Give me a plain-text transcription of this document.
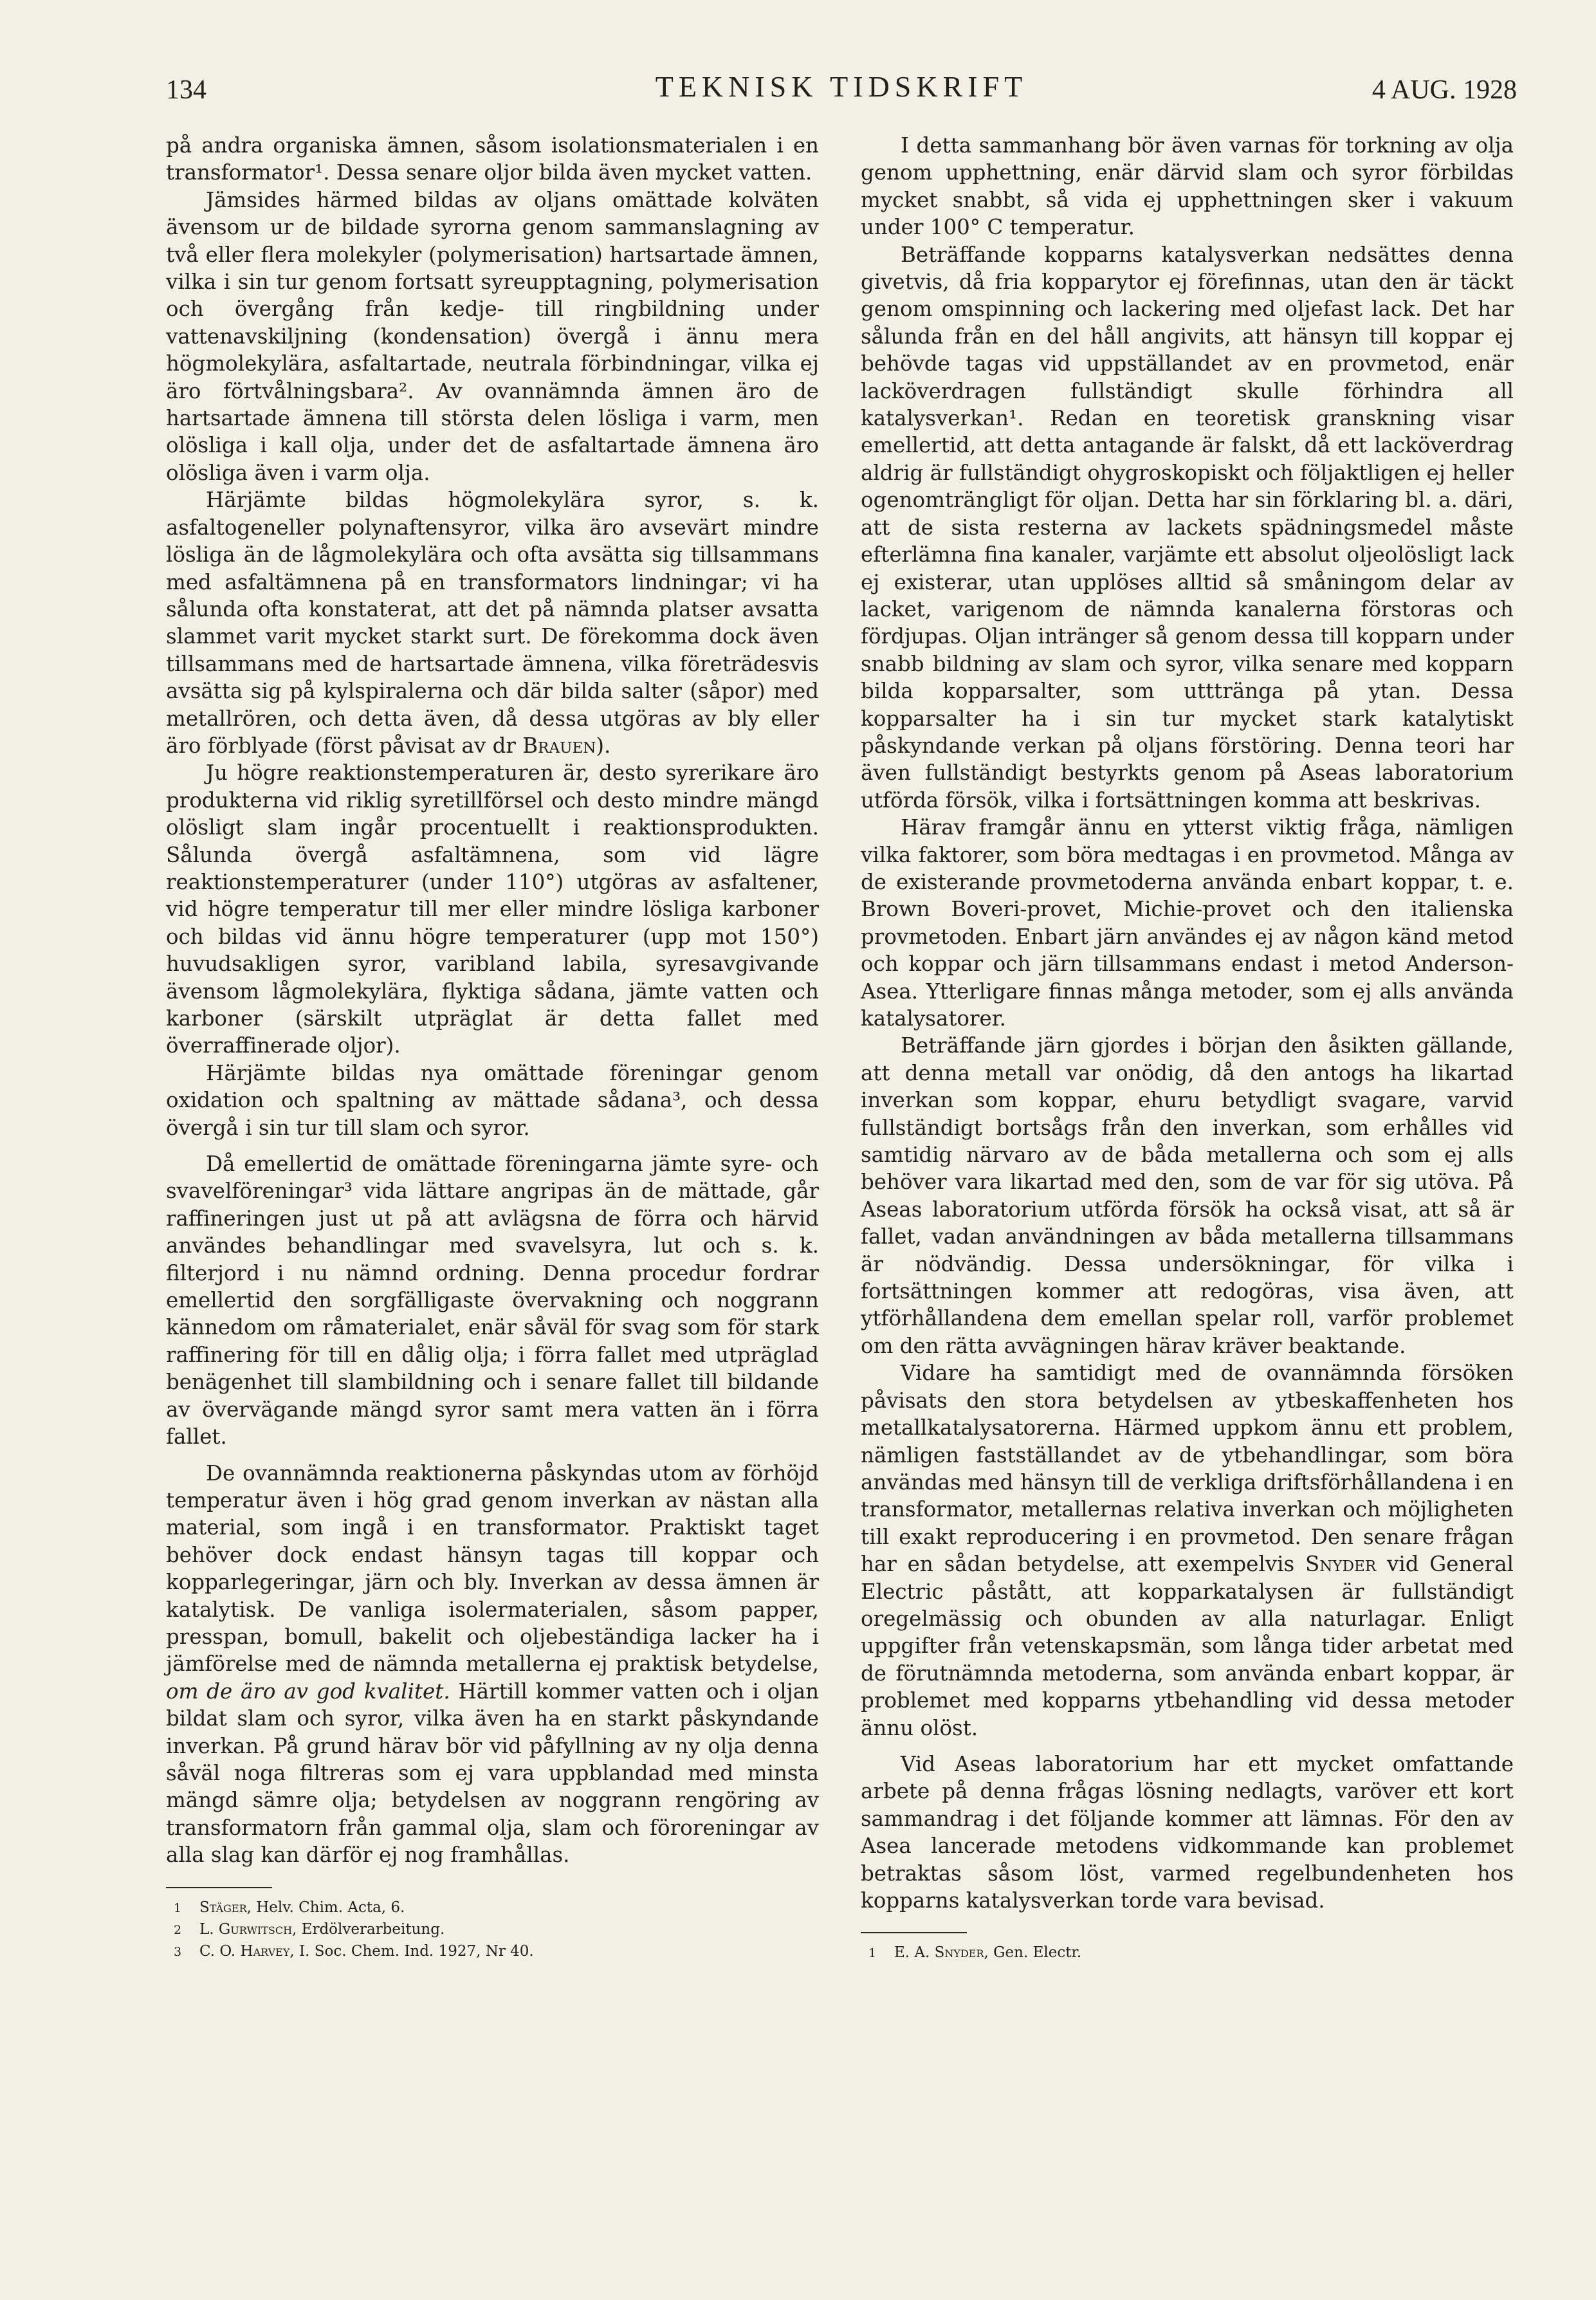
134	TEKNISK TIDSKRIFT	4 AUG. 1928

på andra organiska ämnen, såsom isolationsmaterialen i en transformator¹. Dessa senare oljor bilda även mycket vatten.

Jämsides härmed bildas av oljans omättade kolväten ävensom ur de bildade syrorna genom sammanslagning av två eller flera molekyler (polymerisation) hartsartade ämnen, vilka i sin tur genom fortsatt syreupptagning, polymerisation och övergång från kedje- till ringbildning under vattenavskiljning (kondensation) övergå i ännu mera högmolekylära, asfaltartade, neutrala förbindningar, vilka ej äro förtvålningsbara². Av ovannämnda ämnen äro de hartsartade ämnena till största delen lösliga i varm, men olösliga i kall olja, under det de asfaltartade ämnena äro olösliga även i varm olja.

Härjämte bildas högmolekylära syror, s. k. asfaltogeneller polynaftensyror, vilka äro avsevärt mindre lösliga än de lågmolekylära och ofta avsätta sig tillsammans med asfaltämnena på en transformators lindningar; vi ha sålunda ofta konstaterat, att det på nämnda platser avsatta slammet varit mycket starkt surt. De förekomma dock även tillsammans med de hartsartade ämnena, vilka företrädesvis avsätta sig på kylspiralerna och där bilda salter (såpor) med metallrören, och detta även, då dessa utgöras av bly eller äro förblyade (först påvisat av dr Brauen).

Ju högre reaktionstemperaturen är, desto syrerikare äro produkterna vid riklig syretillförsel och desto mindre mängd olösligt slam ingår procentuellt i reaktionsprodukten. Sålunda övergå asfaltämnena, som vid lägre reaktionstemperaturer (under 110°) utgöras av asfaltener, vid högre temperatur till mer eller mindre lösliga karboner och bildas vid ännu högre temperaturer (upp mot 150°) huvudsakligen syror, varibland labila, syresavgivande ävensom lågmolekylära, flyktiga sådana, jämte vatten och karboner (särskilt utpräglat är detta fallet med överraffinerade oljor).

Härjämte bildas nya omättade föreningar genom oxidation och spaltning av mättade sådana³, och dessa övergå i sin tur till slam och syror.

Då emellertid de omättade föreningarna jämte syre- och svavelföreningar³ vida lättare angripas än de mättade, går raffineringen just ut på att avlägsna de förra och härvid användes behandlingar med svavelsyra, lut och s. k. filterjord i nu nämnd ordning. Denna procedur fordrar emellertid den sorgfälligaste övervakning och noggrann kännedom om råmaterialet, enär såväl för svag som för stark raffinering för till en dålig olja; i förra fallet med utpräglad benägenhet till slambildning och i senare fallet till bildande av övervägande mängd syror samt mera vatten än i förra fallet.

De ovannämnda reaktionerna påskyndas utom av förhöjd temperatur även i hög grad genom inverkan av nästan alla material, som ingå i en transformator. Praktiskt taget behöver dock endast hänsyn tagas till koppar och kopparlegeringar, järn och bly. Inverkan av dessa ämnen är katalytisk. De vanliga isolermaterialen, såsom papper, presspan, bomull, bakelit och oljebeständiga lacker ha i jämförelse med de nämnda metallerna ej praktisk betydelse, om de äro av god kvalitet. Härtill kommer vatten och i oljan bildat slam och syror, vilka även ha en starkt påskyndande inverkan. På grund härav bör vid påfyllning av ny olja denna såväl noga filtreras som ej vara uppblandad med minsta mängd sämre olja; betydelsen av noggrann rengöring av transformatorn från gammal olja, slam och föroreningar av alla slag kan därför ej nog framhållas.

1 Stäger, Helv. Chim. Acta, 6.
2 L. Gurwitsch, Erdölverarbeitung.
3 C. O. Harvey, I. Soc. Chem. Ind. 1927, Nr 40.

I detta sammanhang bör även varnas för torkning av olja genom upphettning, enär därvid slam och syror förbildas mycket snabbt, så vida ej upphettningen sker i vakuum under 100° C temperatur.

Beträffande kopparns katalysverkan nedsättes denna givetvis, då fria kopparytor ej förefinnas, utan den är täckt genom omspinning och lackering med oljefast lack. Det har sålunda från en del håll angivits, att hänsyn till koppar ej behövde tagas vid uppställandet av en provmetod, enär lacköverdragen fullständigt skulle förhindra all katalysverkan¹. Redan en teoretisk granskning visar emellertid, att detta antagande är falskt, då ett lacköverdrag aldrig är fullständigt ohygroskopiskt och följaktligen ej heller ogenomträngligt för oljan. Detta har sin förklaring bl. a. däri, att de sista resterna av lackets spädningsmedel måste efterlämna fina kanaler, varjämte ett absolut oljeolösligt lack ej existerar, utan upplöses alltid så småningom delar av lacket, varigenom de nämnda kanalerna förstoras och fördjupas. Oljan intränger så genom dessa till kopparn under snabb bildning av slam och syror, vilka senare med kopparn bilda kopparsalter, som utttränga på ytan. Dessa kopparsalter ha i sin tur mycket stark katalytiskt påskyndande verkan på oljans förstöring. Denna teori har även fullständigt bestyrkts genom på Aseas laboratorium utförda försök, vilka i fortsättningen komma att beskrivas.

Härav framgår ännu en ytterst viktig fråga, nämligen vilka faktorer, som böra medtagas i en provmetod. Många av de existerande provmetoderna använda enbart koppar, t. e. Brown Boveri-provet, Michie-provet och den italienska provmetoden. Enbart järn användes ej av någon känd metod och koppar och järn tillsammans endast i metod Anderson-Asea. Ytterligare finnas många metoder, som ej alls använda katalysatorer.

Beträffande järn gjordes i början den åsikten gällande, att denna metall var onödig, då den antogs ha likartad inverkan som koppar, ehuru betydligt svagare, varvid fullständigt bortsågs från den inverkan, som erhålles vid samtidig närvaro av de båda metallerna och som ej alls behöver vara likartad med den, som de var för sig utöva. På Aseas laboratorium utförda försök ha också visat, att så är fallet, vadan användningen av båda metallerna tillsammans är nödvändig. Dessa undersökningar, för vilka i fortsättningen kommer att redogöras, visa även, att ytförhållandena dem emellan spelar roll, varför problemet om den rätta avvägningen härav kräver beaktande.

Vidare ha samtidigt med de ovannämnda försöken påvisats den stora betydelsen av ytbeskaffenheten hos metallkatalysatorerna. Härmed uppkom ännu ett problem, nämligen fastställandet av de ytbehandlingar, som böra användas med hänsyn till de verkliga driftsförhållandena i en transformator, metallernas relativa inverkan och möjligheten till exakt reproducering i en provmetod. Den senare frågan har en sådan betydelse, att exempelvis Snyder vid General Electric påstått, att kopparkatalysen är fullständigt oregelmässig och obunden av alla naturlagar. Enligt uppgifter från vetenskapsmän, som långa tider arbetat med de förutnämnda metoderna, som använda enbart koppar, är problemet med kopparns ytbehandling vid dessa metoder ännu olöst.

Vid Aseas laboratorium har ett mycket omfattande arbete på denna frågas lösning nedlagts, varöver ett kort sammandrag i det följande kommer att lämnas. För den av Asea lancerade metodens vidkommande kan problemet betraktas såsom löst, varmed regelbundenheten hos kopparns katalysverkan torde vara bevisad.

1 E. A. Snyder, Gen. Electr.
